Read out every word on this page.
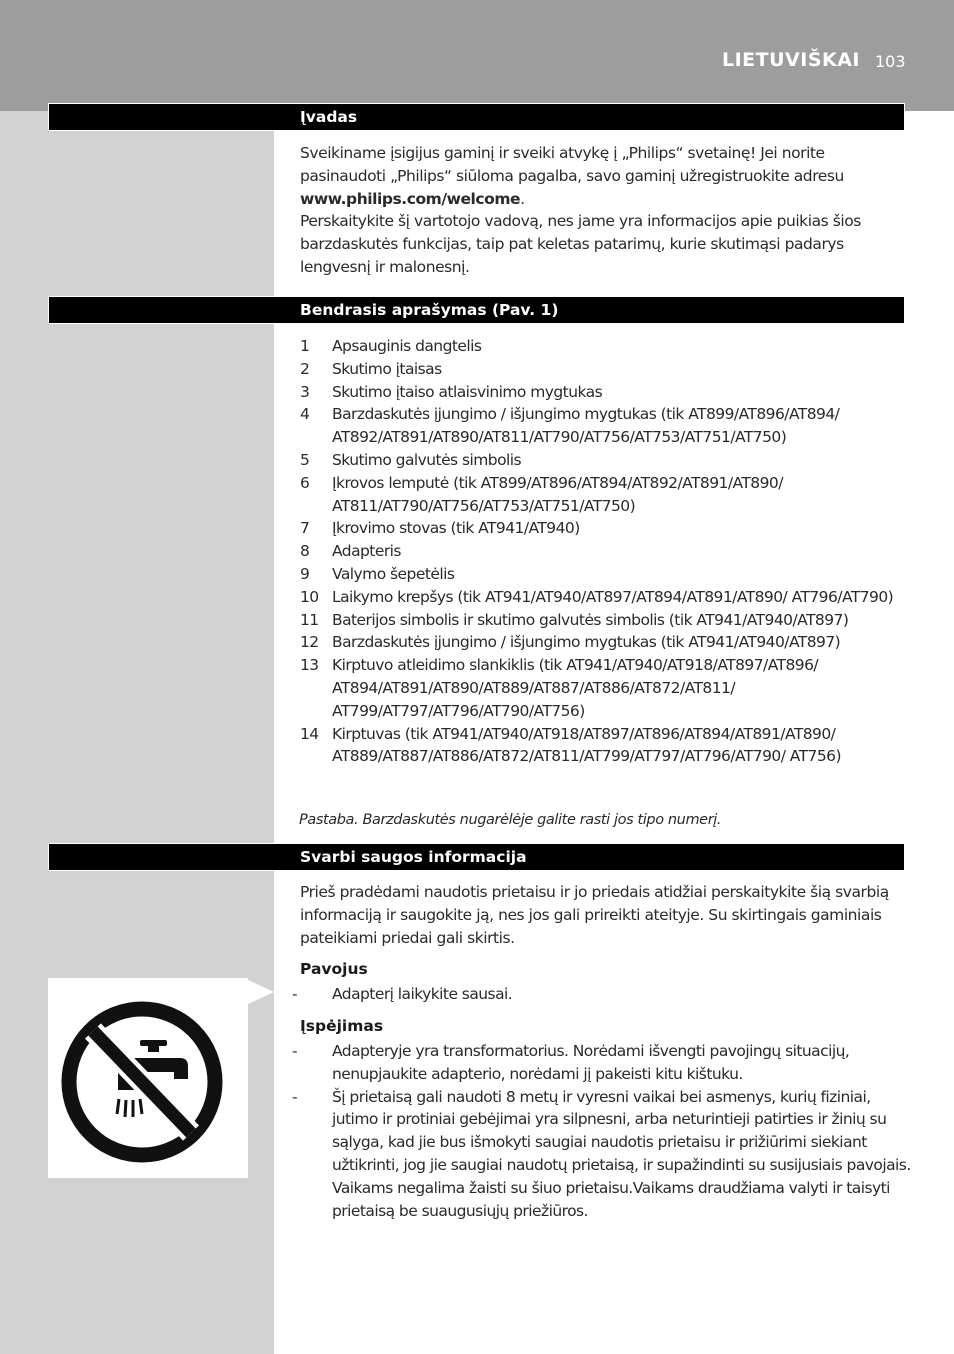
LIETUVIŠKAI 103
Įvadas

Sveikiname įsigijus gaminį ir sveiki atvykę į „Philips“ svetainę! Jei norite pasinaudoti „Philips“ siūloma pagalba, savo gaminį užregistruokite adresu www.philips.com/welcome.

Perskaitykite šį vartotojo vadovą, nes jame yra informacijos apie puikias šios barzdaskutės funkcijas, taip pat keletas patarimų, kurie skutimąsi padarys lengvesnį ir malonesnį.

Bendrasis aprašymas (Pav. 1)
1 Apsauginis dangtelis
2 Skutimo įtaisas
3 Skutimo įtaiso atlaisvinimo mygtukas
4 Barzdaskutės įjungimo / išjungimo mygtukas (tik AT899/AT896/AT894/ AT892/AT891/AT890/AT811/AT790/AT756/AT753/AT751/AT750)
5 Skutimo galvutės simbolis
6 Įkrovos lemputė (tik AT899/AT896/AT894/AT892/AT891/AT890/ AT811/AT790/AT756/AT753/AT751/AT750)
7 Įkrovimo stovas (tik AT941/AT940)
8 Adapteris
9 Valymo šepetėlis
10 Laikymo krepšys (tik AT941/AT940/AT897/AT894/AT891/AT890/ AT796/AT790)
11 Baterijos simbolis ir skutimo galvutės simbolis (tik AT941/AT940/AT897)
12 Barzdaskutės įjungimo / išjungimo mygtukas (tik AT941/AT940/AT897)
13 Kirptuvo atleidimo slankiklis (tik AT941/AT940/AT918/AT897/AT896/ AT894/AT891/AT890/AT889/AT887/AT886/AT872/AT811/ AT799/AT797/AT796/AT790/AT756)
14 Kirptuvas (tik AT941/AT940/AT918/AT897/AT896/AT894/AT891/AT890/ AT889/AT887/AT886/AT872/AT811/AT799/AT797/AT796/AT790/ AT756)
Pastaba. Barzdaskutės nugarėlėje galite rasti jos tipo numerį.
Svarbi saugos informacija

Prieš pradėdami naudotis prietaisu ir jo priedais atidžiai perskaitykite šią svarbią informaciją ir saugokite ją, nes jos gali prireikti ateityje. Su skirtingais gaminiais pateikiami priedai gali skirtis.

Pavojus
- Adapterį laikykite sausai.
Įspėjimas
- Adapteryje yra transformatorius. Norėdami išvengti pavojingų situacijų, nenupjaukite adapterio, norėdami jį pakeisti kitu kištuku.
- Šį prietaisą gali naudoti 8 metų ir vyresni vaikai bei asmenys, kurių fiziniai, jutimo ir protiniai gebėjimai yra silpnesni, arba neturintieji patirties ir žinių su sąlyga, kad jie bus išmokyti saugiai naudotis prietaisu ir prižiūrimi siekiant užtikrinti, jog jie saugiai naudotų prietaisą, ir supažindinti su susijusiais pavojais. Vaikams negalima žaisti su šiuo prietaisu.Vaikams draudžiama valyti ir taisyti prietaisą be suaugusiųjų priežiūros.
